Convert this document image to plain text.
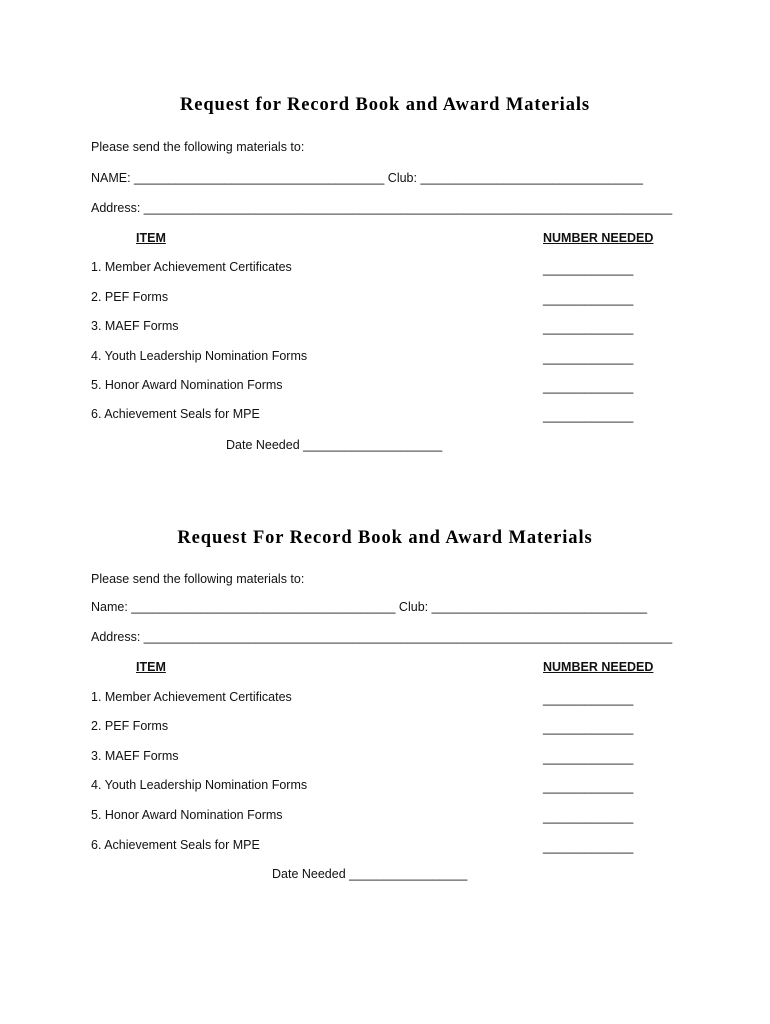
Request for Record Book and Award Materials
Please send the following materials to:
NAME: ____________________________________ Club: ________________________________
Address: ____________________________________________________________________________
ITEM	NUMBER NEEDED
1. Member Achievement Certificates	_____________
2. PEF Forms	_____________
3. MAEF Forms	_____________
4. Youth Leadership Nomination Forms	_____________
5. Honor Award Nomination Forms	_____________
6. Achievement Seals for MPE	_____________
Date Needed ____________________
Request For Record Book and Award Materials
Please send the following materials to:
Name: ______________________________________ Club: _______________________________
Address: ____________________________________________________________________________
ITEM	NUMBER NEEDED
1. Member Achievement Certificates	_____________
2. PEF Forms	_____________
3. MAEF Forms	_____________
4. Youth Leadership Nomination Forms	_____________
5. Honor Award Nomination Forms	_____________
6. Achievement Seals for MPE	_____________
Date Needed _________________
